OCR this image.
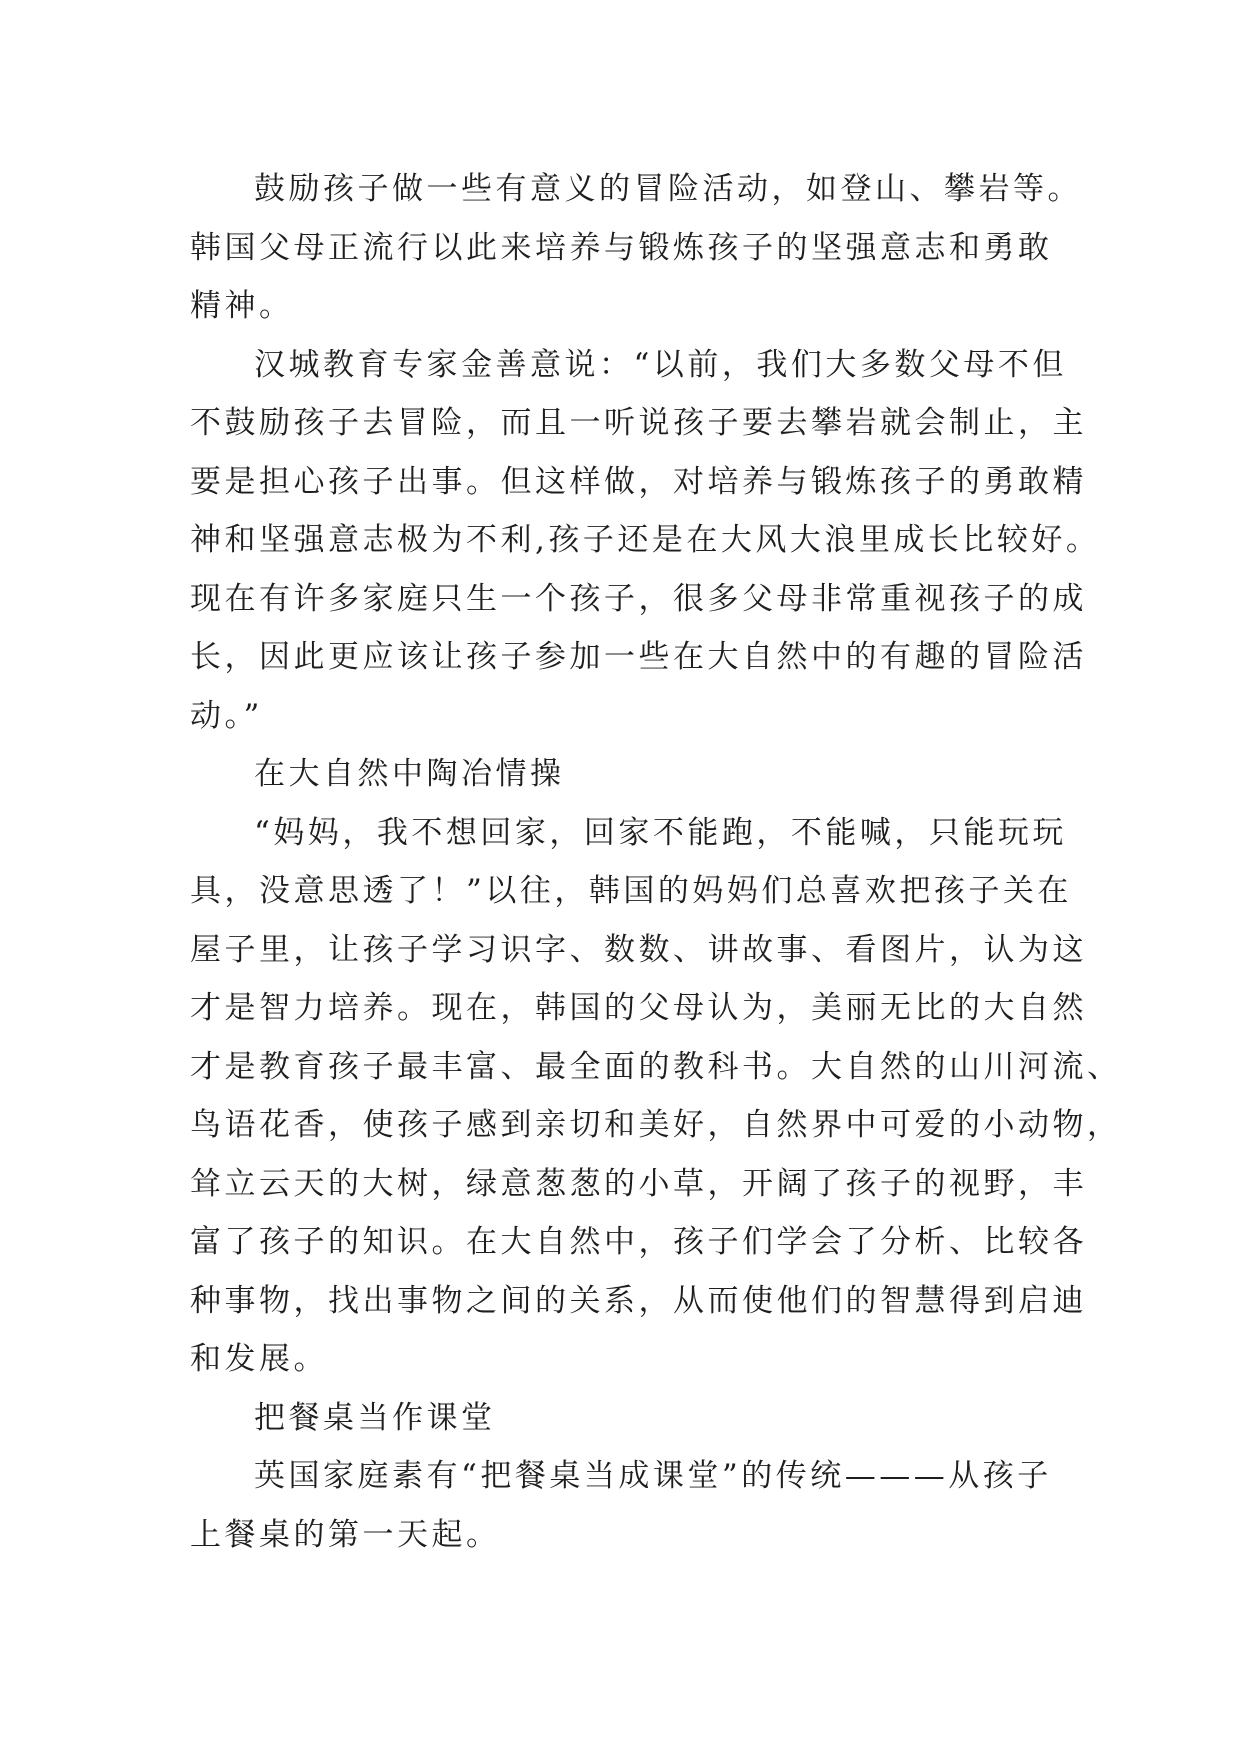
鼓励孩子做一些有意义的冒险活动，如登山、攀岩等。
韩国父母正流行以此来培养与锻炼孩子的坚强意志和勇敢
精神。
汉城教育专家金善意说：“以前，我们大多数父母不但
不鼓励孩子去冒险，而且一听说孩子要去攀岩就会制止，主
要是担心孩子出事。但这样做，对培养与锻炼孩子的勇敢精
神和坚强意志极为不利,孩子还是在大风大浪里成长比较好。
现在有许多家庭只生一个孩子，很多父母非常重视孩子的成
长，因此更应该让孩子参加一些在大自然中的有趣的冒险活
动。”
在大自然中陶冶情操
“妈妈，我不想回家，回家不能跑，不能喊，只能玩玩
具，没意思透了！”以往，韩国的妈妈们总喜欢把孩子关在
屋子里，让孩子学习识字、数数、讲故事、看图片，认为这
才是智力培养。现在，韩国的父母认为，美丽无比的大自然
才是教育孩子最丰富、最全面的教科书。大自然的山川河流、
鸟语花香，使孩子感到亲切和美好，自然界中可爱的小动物，
耸立云天的大树，绿意葱葱的小草，开阔了孩子的视野，丰
富了孩子的知识。在大自然中，孩子们学会了分析、比较各
种事物，找出事物之间的关系，从而使他们的智慧得到启迪
和发展。
把餐桌当作课堂
英国家庭素有“把餐桌当成课堂”的传统———从孩子
上餐桌的第一天起。
